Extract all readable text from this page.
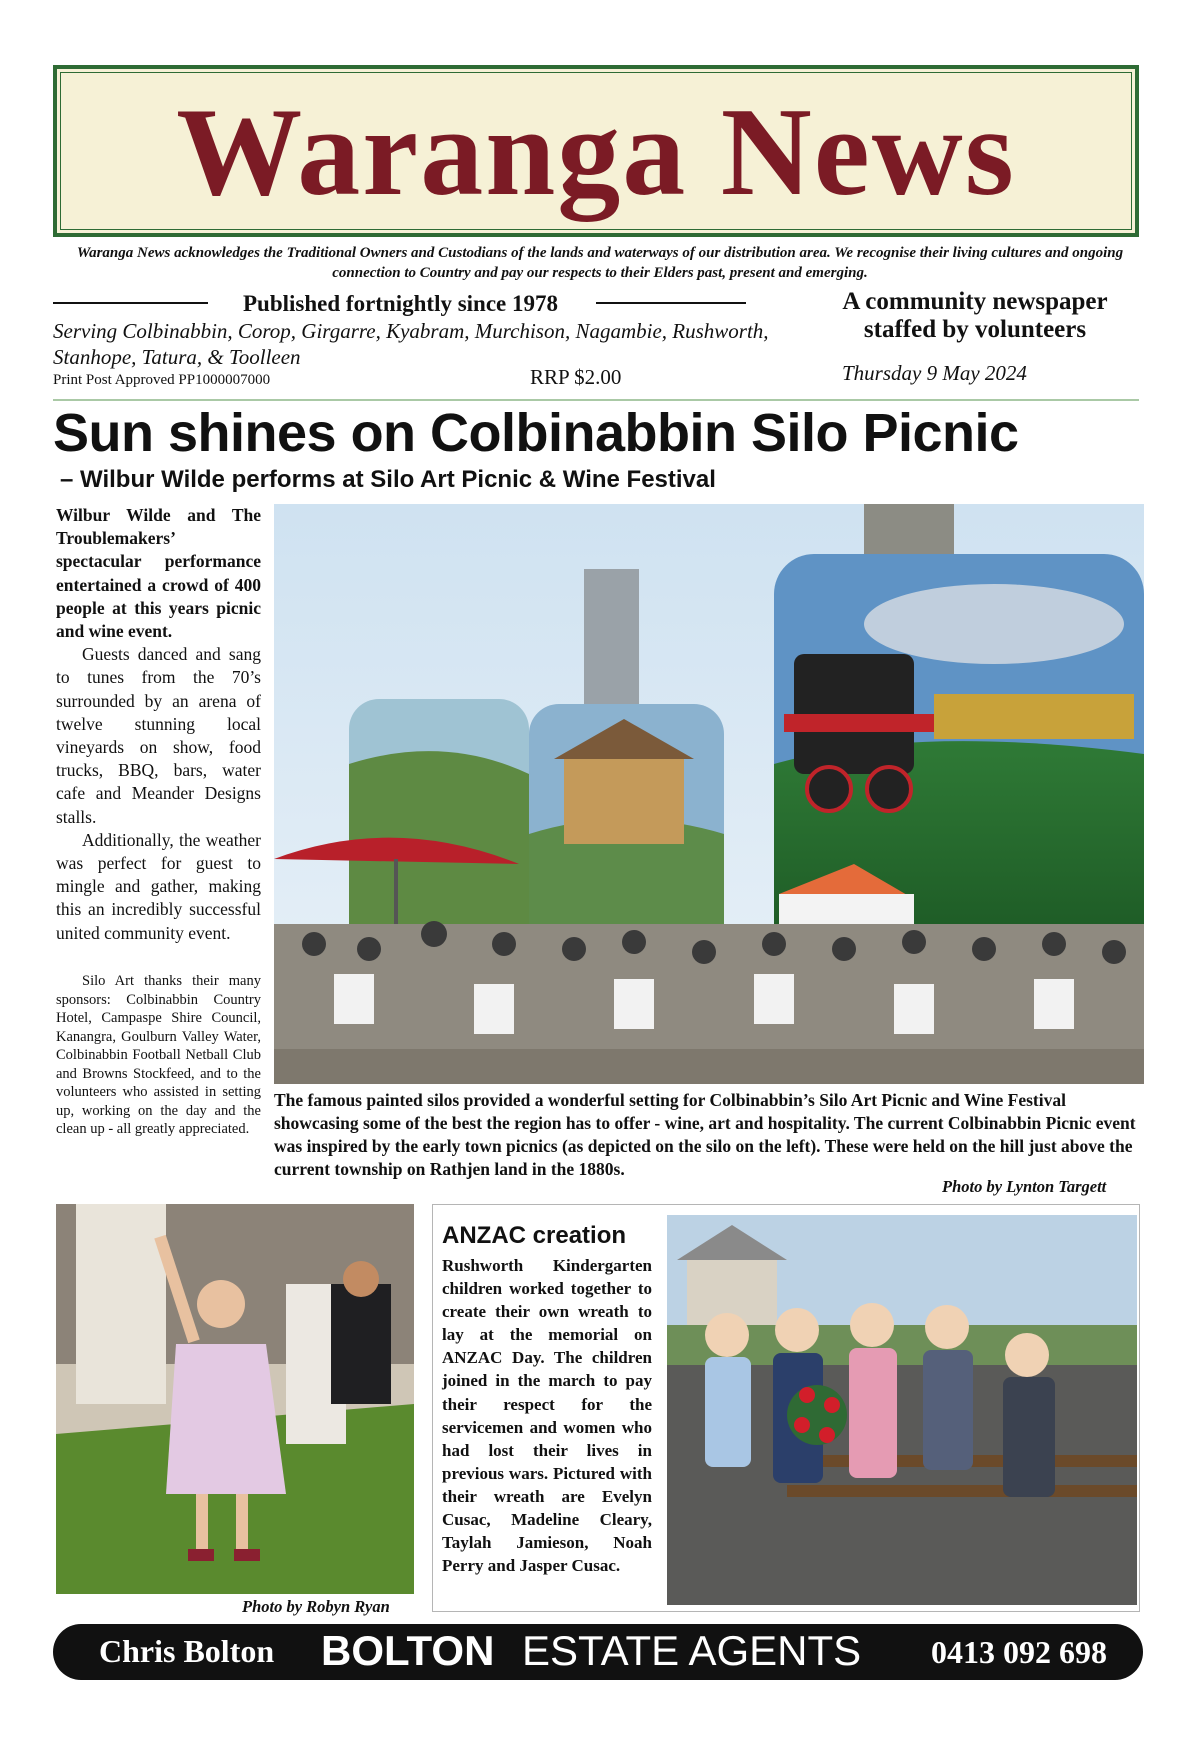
Waranga News
Waranga News acknowledges the Traditional Owners and Custodians of the lands and waterways of our distribution area. We recognise their living cultures and ongoing connection to Country and pay our respects to their Elders past, present and emerging.
Published fortnightly since 1978
Serving Colbinabbin, Corop, Girgarre, Kyabram, Murchison, Nagambie, Rushworth, Stanhope, Tatura, & Toolleen
Print Post Approved PP1000007000	RRP $2.00
A community newspaper staffed by volunteers
Thursday 9 May 2024
Sun shines on Colbinabbin Silo Picnic
– Wilbur Wilde performs at Silo Art Picnic & Wine Festival

Wilbur Wilde and The Troublemakers’ spectacular performance entertained a crowd of 400 people at this years picnic and wine event.

Guests danced and sang to tunes from the 70’s surrounded by an arena of twelve stunning local vineyards on show, food trucks, BBQ, bars, water cafe and Meander Designs stalls.

Additionally, the weather was perfect for guest to mingle and gather, making this an incredibly successful united community event.

Silo Art thanks their many sponsors: Colbinabbin Country Hotel, Campaspe Shire Council, Kanangra, Goulburn Valley Water, Colbinabbin Football Netball Club and Browns Stockfeed, and to the volunteers who assisted in setting up, working on the day and the clean up - all greatly appreciated.
The famous painted silos provided a wonderful setting for Colbinabbin’s Silo Art Picnic and Wine Festival showcasing some of the best the region has to offer - wine, art and hospitality. The current Colbinabbin Picnic event was inspired by the early town picnics (as depicted on the silo on the left). These were held on the hill just above the current township on Rathjen land in the 1880s.
Photo by Lynton Targett
Photo by Robyn Ryan
ANZAC creation
Rushworth Kindergarten children worked together to create their own wreath to lay at the memorial on ANZAC Day. The children joined in the march to pay their respect for the servicemen and women who had lost their lives in previous wars. Pictured with their wreath are Evelyn Cusac, Madeline Cleary, Taylah Jamieson, Noah Perry and Jasper Cusac.
Chris Bolton BOLTON ESTATE AGENTS 0413 092 698
